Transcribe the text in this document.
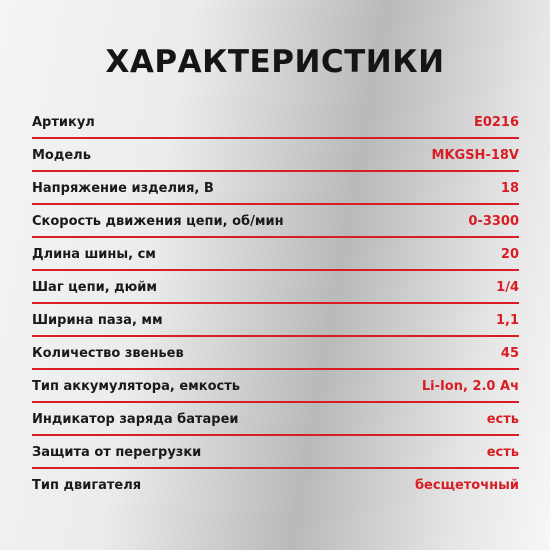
ХАРАКТЕРИСТИКИ
Артикул	E0216
Модель	MKGSH-18V
Напряжение изделия, В	18
Скорость движения цепи, об/мин	0-3300
Длина шины, см	20
Шаг цепи, дюйм	1/4
Ширина паза, мм	1,1
Количество звеньев	45
Тип аккумулятора, емкость	Li-Ion, 2.0 Ач
Индикатор заряда батареи	есть
Защита от перегрузки	есть
Тип двигателя	бесщеточный
